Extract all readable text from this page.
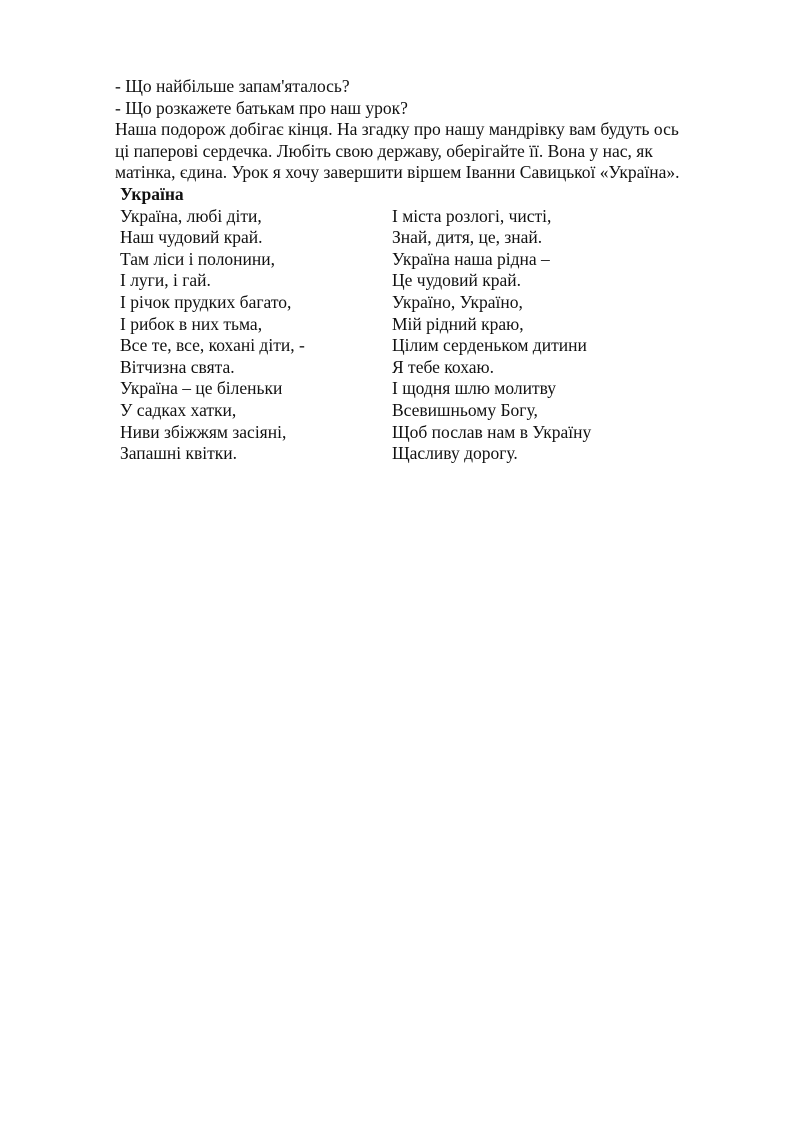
- Що найбільше запам'яталось?
- Що розкажете батькам про наш урок?
Наша подорож добігає кінця. На згадку про нашу мандрівку вам будуть ось
ці паперові сердечка. Любіть свою державу, оберігайте її. Вона у нас, як
матінка, єдина. Урок я хочу завершити віршем Іванни Савицької «Україна».
Україна
Україна, любі діти,
Наш чудовий край.
Там ліси і полонини,
І луги, і гай.
І річок прудких багато,
І рибок в них тьма,
Все те, все, кохані діти, -
Вітчизна свята.
Україна – це біленьки
У садках хатки,
Ниви збіжжям засіяні,
Запашні квітки.
І міста розлогі, чисті,
Знай, дитя, це, знай.
Україна наша рідна –
Це чудовий край.
Україно, Україно,
Мій рідний краю,
Цілим серденьком дитини
Я тебе кохаю.
І щодня шлю молитву
Всевишньому Богу,
Щоб послав нам в Україну
Щасливу дорогу.
